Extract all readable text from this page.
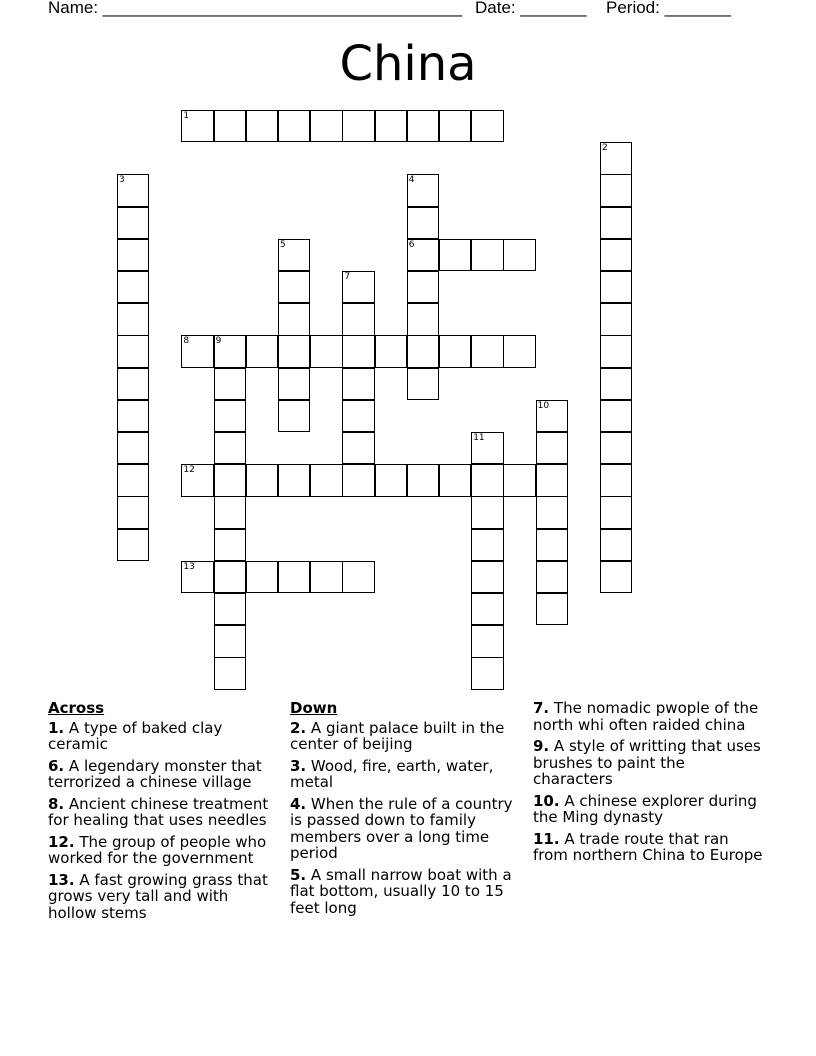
Name: ______________________________________ Date: _______ Period: _______
China
1
2
3	4
6
5
7
8	9
10
11
12
13
Across
1. A type of baked clay ceramic
6. A legendary monster that terrorized a chinese village
8. Ancient chinese treatment for healing that uses needles
12. The group of people who worked for the government
13. A fast growing grass that grows very tall and with hollow stems
Down
2. A giant palace built in the center of beijing
3. Wood, fire, earth, water, metal
4. When the rule of a country is passed down to family members over a long time period
5. A small narrow boat with a flat bottom, usually 10 to 15 feet long
7. The nomadic pwople of the north whi often raided china
9. A style of writting that uses brushes to paint the characters
10. A chinese explorer during the Ming dynasty
11. A trade route that ran from northern China to Europe
